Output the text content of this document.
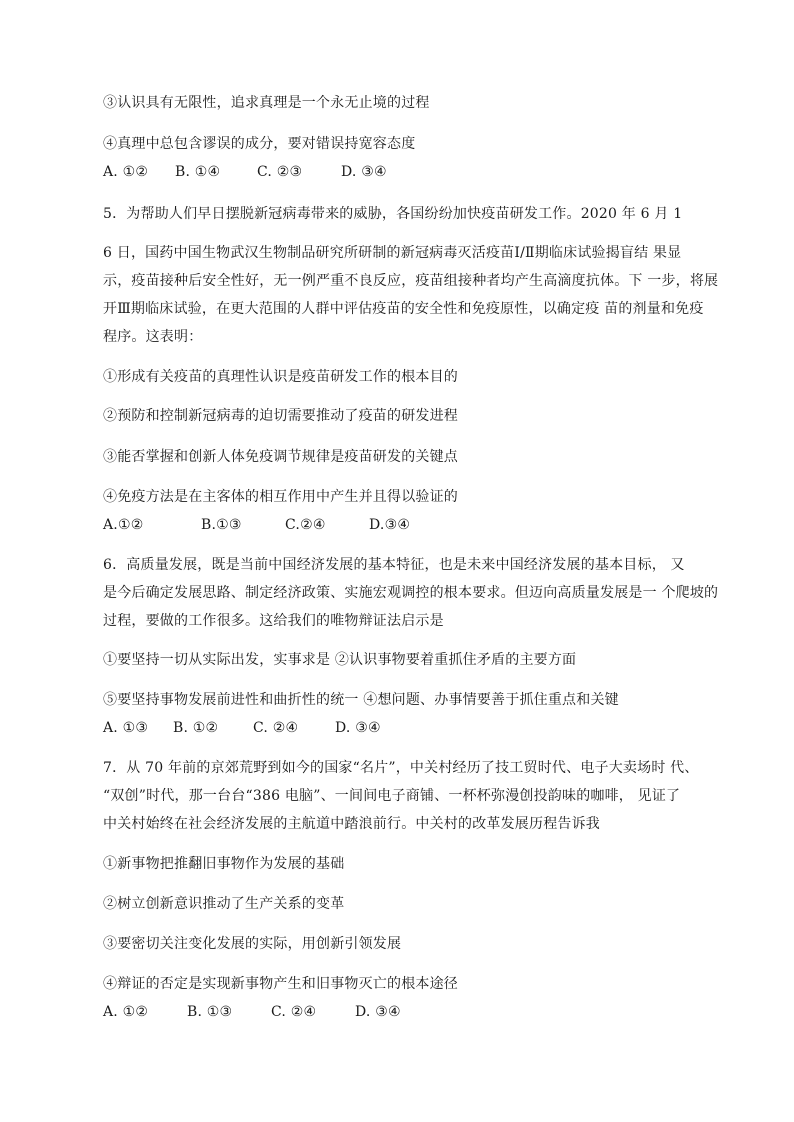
③认识具有无限性，追求真理是一个永无止境的过程
④真理中总包含谬误的成分，要对错误持宽容态度
A. ①② B. ①④	C. ②③	D. ③④
5．为帮助人们早日摆脱新冠病毒带来的威胁，各国纷纷加快疫苗研发工作。2020 年 6 月 1
6 日，国药中国生物武汉生物制品研究所研制的新冠病毒灭活疫苗Ⅰ/Ⅱ期临床试验揭盲结 果显
示，疫苗接种后安全性好，无一例严重不良反应，疫苗组接种者均产生高滴度抗体。下 一步，将展
开Ⅲ期临床试验，在更大范围的人群中评估疫苗的安全性和免疫原性，以确定疫 苗的剂量和免疫
程序。这表明：
①形成有关疫苗的真理性认识是疫苗研发工作的根本目的
②预防和控制新冠病毒的迫切需要推动了疫苗的研发进程
③能否掌握和创新人体免疫调节规律是疫苗研发的关键点
④免疫方法是在主客体的相互作用中产生并且得以验证的
A.①②	B.①③	C.②④	D.③④
6．高质量发展，既是当前中国经济发展的基本特征，也是未来中国经济发展的基本目标， 又
是今后确定发展思路、制定经济政策、实施宏观调控的根本要求。但迈向高质量发展是一 个爬坡的
过程，要做的工作很多。这给我们的唯物辩证法启示是
①要坚持一切从实际出发，实事求是 ②认识事物要着重抓住矛盾的主要方面
⑤要坚持事物发展前进性和曲折性的统一 ④想问题、办事情要善于抓住重点和关键
A. ①③ B. ①② C. ②④	D. ③④
7．从 70 年前的京郊荒野到如今的国家“名片”，中关村经历了技工贸时代、电子大卖场时 代、
“双创”时代，那一台台“386 电脑”、一间间电子商铺、一杯杯弥漫创投韵味的咖啡， 见证了
中关村始终在社会经济发展的主航道中踏浪前行。中关村的改革发展历程告诉我
①新事物把推翻旧事物作为发展的基础
②树立创新意识推动了生产关系的变革
③要密切关注变化发展的实际，用创新引领发展
④辩证的否定是实现新事物产生和旧事物灭亡的根本途径
A. ①②	B. ①③	C. ②④	D. ③④
